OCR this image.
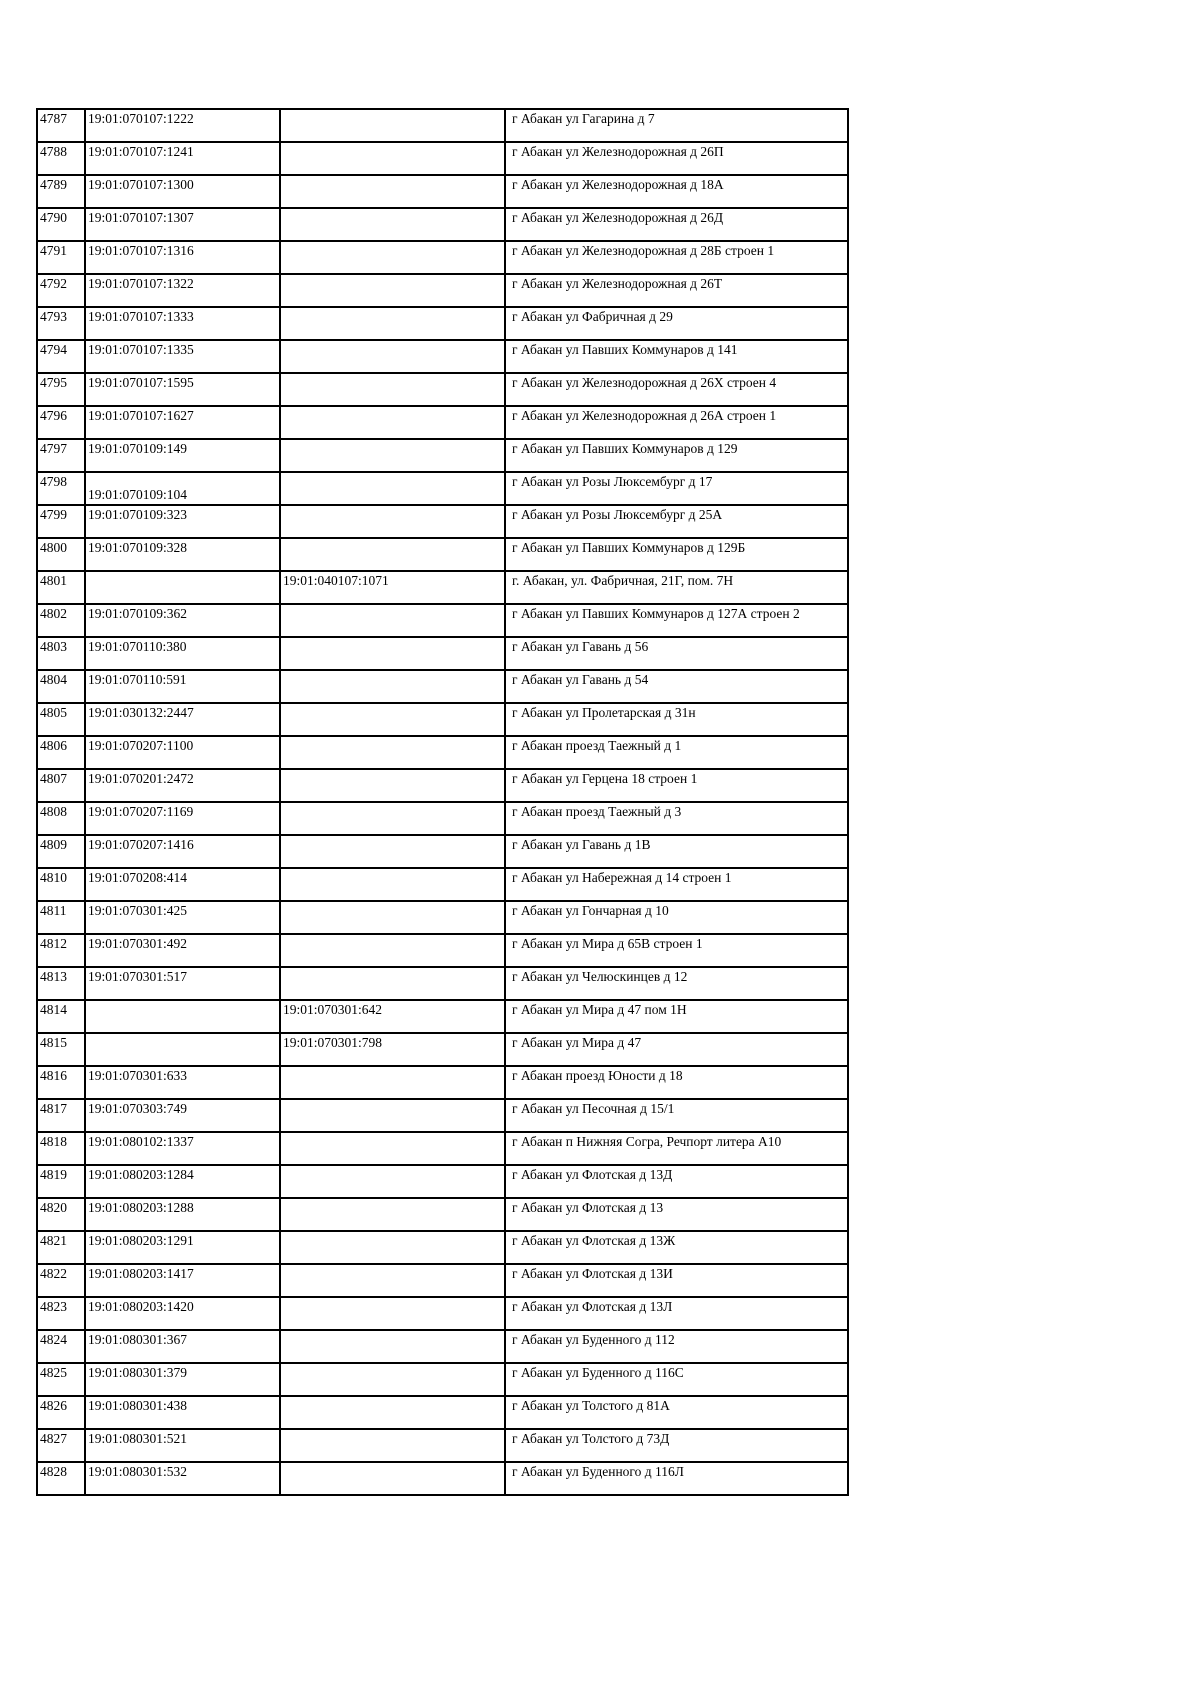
4787	19:01:070107:1222		г Абакан ул Гагарина д 7
4788	19:01:070107:1241		г Абакан ул Железнодорожная д 26П
4789	19:01:070107:1300		г Абакан ул Железнодорожная д 18А
4790	19:01:070107:1307		г Абакан ул Железнодорожная д 26Д
4791	19:01:070107:1316		г Абакан ул Железнодорожная д 28Б строен 1
4792	19:01:070107:1322		г Абакан ул Железнодорожная д 26Т
4793	19:01:070107:1333		г Абакан ул Фабричная д 29
4794	19:01:070107:1335		г Абакан ул Павших Коммунаров д 141
4795	19:01:070107:1595		г Абакан ул Железнодорожная д 26Х строен 4
4796	19:01:070107:1627		г Абакан ул Железнодорожная д 26А строен 1
4797	19:01:070109:149		г Абакан ул Павших Коммунаров д 129
4798	19:01:070109:104		г Абакан ул Розы Люксембург д 17
4799	19:01:070109:323		г Абакан ул Розы Люксембург д 25А
4800	19:01:070109:328		г Абакан ул Павших Коммунаров д 129Б
4801		19:01:040107:1071	г. Абакан, ул. Фабричная, 21Г, пом. 7Н
4802	19:01:070109:362		г Абакан ул Павших Коммунаров д 127А строен 2
4803	19:01:070110:380		г Абакан ул Гавань д 56
4804	19:01:070110:591		г Абакан ул Гавань д 54
4805	19:01:030132:2447		г Абакан ул Пролетарская д 31н
4806	19:01:070207:1100		г Абакан проезд Таежный д 1
4807	19:01:070201:2472		г Абакан ул Герцена 18 строен 1
4808	19:01:070207:1169		г Абакан проезд Таежный д 3
4809	19:01:070207:1416		г Абакан ул Гавань д 1В
4810	19:01:070208:414		г Абакан ул Набережная д 14 строен 1
4811	19:01:070301:425		г Абакан ул Гончарная д 10
4812	19:01:070301:492		г Абакан ул Мира д 65В строен 1
4813	19:01:070301:517		г Абакан ул Челюскинцев д 12
4814		19:01:070301:642	г Абакан ул Мира д 47 пом 1Н
4815		19:01:070301:798	г Абакан ул Мира д 47
4816	19:01:070301:633		г Абакан проезд Юности д 18
4817	19:01:070303:749		г Абакан ул Песочная д 15/1
4818	19:01:080102:1337		г Абакан п Нижняя Согра, Речпорт литера А10
4819	19:01:080203:1284		г Абакан ул Флотская д 13Д
4820	19:01:080203:1288		г Абакан ул Флотская д 13
4821	19:01:080203:1291		г Абакан ул Флотская д 13Ж
4822	19:01:080203:1417		г Абакан ул Флотская д 13И
4823	19:01:080203:1420		г Абакан ул Флотская д 13Л
4824	19:01:080301:367		г Абакан ул Буденного д 112
4825	19:01:080301:379		г Абакан ул Буденного д 116С
4826	19:01:080301:438		г Абакан ул Толстого д 81А
4827	19:01:080301:521		г Абакан ул Толстого д 73Д
4828	19:01:080301:532		г Абакан ул Буденного д 116Л
